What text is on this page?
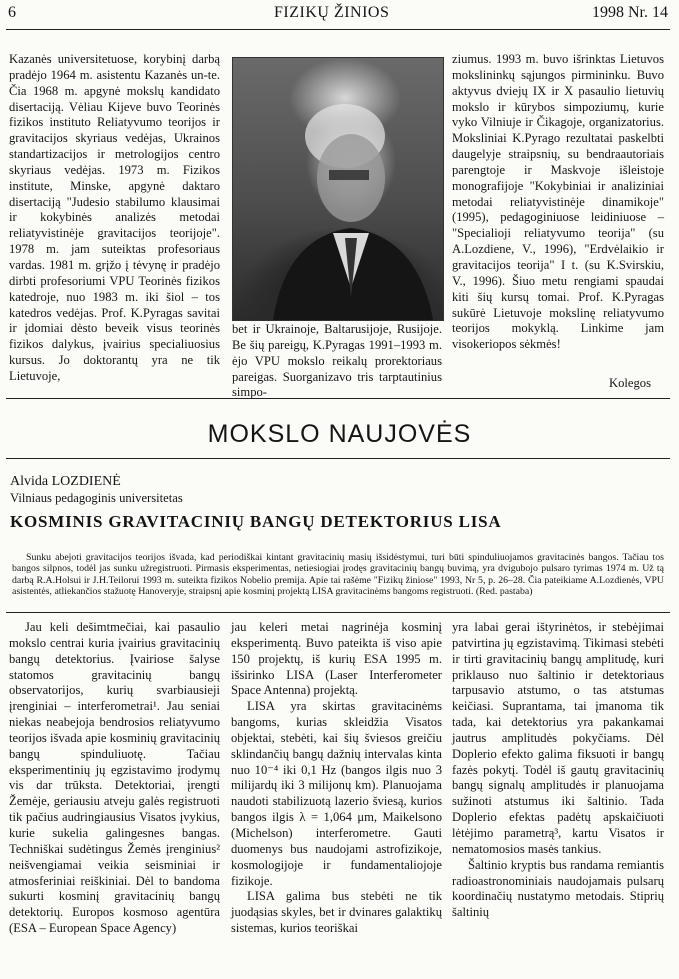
6	FIZIKŲ ŽINIOS	1998 Nr. 14

Kazanės universitetuose, korybinį darbą pradėjo 1964 m. asistentu Kazanės un-te. Čia 1968 m. apgynė mokslų kandidato disertaciją. Vėliau Kijeve buvo Teorinės fizikos instituto Reliatyvumo teorijos ir gravitacijos skyriaus vedėjas, Ukrainos standartizacijos ir metrologijos centro skyriaus vedėjas. 1973 m. Fizikos institute, Minske, apgynė daktaro disertaciją "Judesio stabilumo klausimai ir kokybinės analizės metodai reliatyvistinėje gravitacijos teorijoje". 1978 m. jam suteiktas profesoriaus vardas. 1981 m. grįžo į tėvynę ir pradėjo dirbti profesoriumi VPU Teorinės fizikos katedroje, nuo 1983 m. iki šiol – tos katedros vedėjas. Prof. K.Pyragas savitai ir įdomiai dėsto beveik visus teorinės fizikos dalykus, įvairius specialiuosius kursus. Jo doktorantų yra ne tik Lietuvoje,

bet ir Ukrainoje, Baltarusijoje, Rusijoje. Be šių pareigų, K.Pyragas 1991–1993 m. ėjo VPU mokslo reikalų prorektoriaus pareigas. Suorganizavo tris tarptautinius simpo-

ziumus. 1993 m. buvo išrinktas Lietuvos mokslininkų sąjungos pirmininku. Buvo aktyvus dviejų IX ir X pasaulio lietuvių mokslo ir kūrybos simpoziumų, kurie vyko Vilniuje ir Čikagoje, organizatorius. Moksliniai K.Pyrago rezultatai paskelbti daugelyje straipsnių, su bendraautoriais parengtoje ir Maskvoje išleistoje monografijoje "Kokybiniai ir analiziniai metodai reliatyvistinėje dinamikoje" (1995), pedagoginiuose leidiniuose – "Specialioji reliatyvumo teorija" (su A.Lozdiene, V., 1996), "Erdvėlaikio ir gravitacijos teorija" I t. (su K.Svirskiu, V., 1996). Šiuo metu rengiami spaudai kiti šių kursų tomai. Prof. K.Pyragas sukūrė Lietuvoje mokslinę reliatyvumo teorijos mokyklą. Linkime jam visokeriopos sėkmės!

Kolegos
MOKSLO NAUJOVĖS
Alvida LOZDIENĖ
Vilniaus pedagoginis universitetas
KOSMINIS GRAVITACINIŲ BANGŲ DETEKTORIUS LISA

Sunku abejoti gravitacijos teorijos išvada, kad periodiškai kintant gravitacinių masių išsidėstymui, turi būti spinduliuojamos gravitacinės bangos. Tačiau tos bangos silpnos, todėl jas sunku užregistruoti. Pirmasis eksperimentas, netiesiogiai įrodęs gravitacinių bangų buvimą, yra dvigubojo pulsaro tyrimas 1974 m. Už tą darbą R.A.Holsui ir J.H.Teilorui 1993 m. suteikta fizikos Nobelio premija. Apie tai rašėme "Fizikų žiniose" 1993, Nr 5, p. 26–28. Čia pateikiame A.Lozdienės, VPU asistentės, atliekančios stažuotę Hanoveryje, straipsnį apie kosminį projektą LISA gravitacinėms bangoms registruoti. (Red. pastaba)

Jau keli dešimtmečiai, kai pasaulio mokslo centrai kuria įvairius gravitacinių bangų detektorius. Įvairiose šalyse statomos gravitacinių bangų observatorijos, kurių svarbiausieji įrenginiai – interferometrai¹. Jau seniai niekas neabejoja bendrosios reliatyvumo teorijos išvada apie kosminių gravitacinių bangų spinduliuotę. Tačiau eksperimentinių jų egzistavimo įrodymų vis dar trūksta. Detektoriai, įrengti Žemėje, geriausiu atveju galės registruoti tik pačius audringiausius Visatos įvykius, kurie sukelia galingesnes bangas. Techniškai sudėtingus Žemės įrenginius² neišvengiamai veikia seisminiai ir atmosferiniai reiškiniai. Dėl to bandoma sukurti kosminį gravitacinių bangų detektorių. Europos kosmoso agentūra (ESA – European Space Agency)

jau keleri metai nagrinėja kosminį eksperimentą. Buvo pateikta iš viso apie 150 projektų, iš kurių ESA 1995 m. išsirinko LISA (Laser Interferometer Space Antenna) projektą.

LISA yra skirtas gravitacinėms bangoms, kurias skleidžia Visatos objektai, stebėti, kai šių šviesos greičiu sklindančių bangų dažnių intervalas kinta nuo 10⁻⁴ iki 0,1 Hz (bangos ilgis nuo 3 milijardų iki 3 milijonų km). Planuojama naudoti stabilizuotą lazerio šviesą, kurios bangos ilgis λ = 1,064 μm, Maikelsono (Michelson) interferometre. Gauti duomenys bus naudojami astrofizikoje, kosmologijoje ir fundamentaliojoje fizikoje.

LISA galima bus stebėti ne tik juodąsias skyles, bet ir dvinares galaktikų sistemas, kurios teoriškai

yra labai gerai ištyrinėtos, ir stebėjimai patvirtina jų egzistavimą. Tikimasi stebėti ir tirti gravitacinių bangų amplitudę, kuri priklauso nuo šaltinio ir detektoriaus tarpusavio atstumo, o tas atstumas keičiasi. Suprantama, tai įmanoma tik tada, kai detektorius yra pakankamai jautrus amplitudės pokyčiams. Dėl Doplerio efekto galima fiksuoti ir bangų fazės pokytį. Todėl iš gautų gravitacinių bangų signalų amplitudės ir planuojama sužinoti atstumus iki šaltinio. Tada Doplerio efektas padėtų apskaičiuoti lėtėjimo parametrą³, kartu Visatos ir nematomosios masės tankius.

Šaltinio kryptis bus randama remiantis radioastronominiais naudojamais pulsarų koordinačių nustatymo metodais. Stiprių šaltinių
